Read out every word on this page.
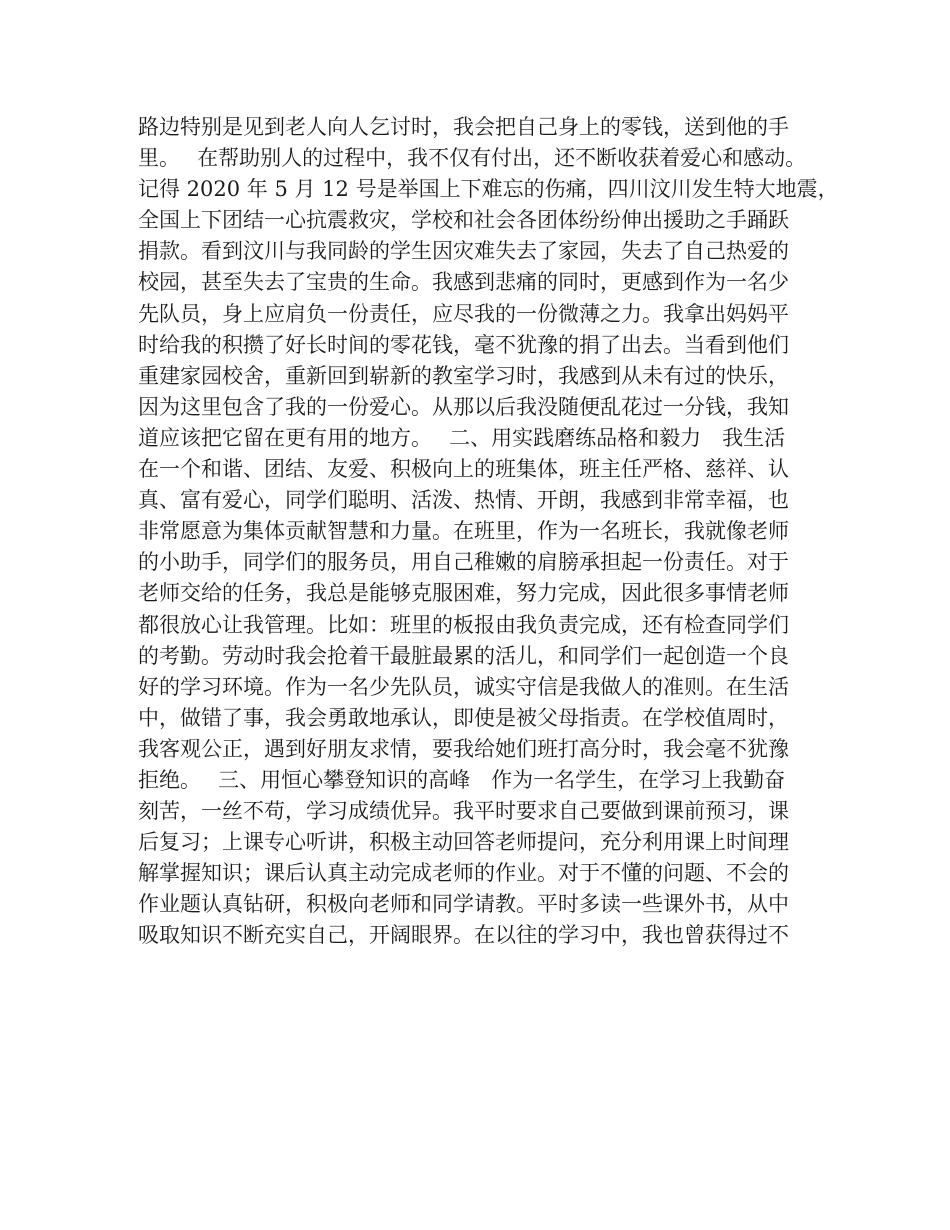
路边特别是见到老人向人乞讨时，我会把自己身上的零钱，送到他的手
里。　 在帮助别人的过程中，我不仅有付出，还不断收获着爱心和感动。
记得 2020 年 5 月 12 号是举国上下难忘的伤痛，四川汶川发生特大地震，
全国上下团结一心抗震救灾，学校和社会各团体纷纷伸出援助之手踊跃
捐款。看到汶川与我同龄的学生因灾难失去了家园，失去了自己热爱的
校园，甚至失去了宝贵的生命。我感到悲痛的同时，更感到作为一名少
先队员，身上应肩负一份责任，应尽我的一份微薄之力。我拿出妈妈平
时给我的积攒了好长时间的零花钱，毫不犹豫的捐了出去。当看到他们
重建家园校舍，重新回到崭新的教室学习时，我感到从未有过的快乐，
因为这里包含了我的一份爱心。从那以后我没随便乱花过一分钱，我知
道应该把它留在更有用的地方。　 二、用实践磨练品格和毅力　我生活
在一个和谐、团结、友爱、积极向上的班集体，班主任严格、慈祥、认
真、富有爱心，同学们聪明、活泼、热情、开朗，我感到非常幸福，也
非常愿意为集体贡献智慧和力量。在班里，作为一名班长，我就像老师
的小助手，同学们的服务员，用自己稚嫩的肩膀承担起一份责任。对于
老师交给的任务，我总是能够克服困难，努力完成，因此很多事情老师
都很放心让我管理。比如：班里的板报由我负责完成，还有检查同学们
的考勤。劳动时我会抢着干最脏最累的活儿，和同学们一起创造一个良
好的学习环境。作为一名少先队员，诚实守信是我做人的准则。在生活
中，做错了事，我会勇敢地承认，即使是被父母指责。在学校值周时，
我客观公正，遇到好朋友求情，要我给她们班打高分时，我会毫不犹豫
拒绝。　 三、用恒心攀登知识的高峰　作为一名学生，在学习上我勤奋
刻苦，一丝不苟，学习成绩优异。我平时要求自己要做到课前预习，课
后复习；上课专心听讲，积极主动回答老师提问，充分利用课上时间理
解掌握知识；课后认真主动完成老师的作业。对于不懂的问题、不会的
作业题认真钻研，积极向老师和同学请教。平时多读一些课外书，从中
吸取知识不断充实自己，开阔眼界。在以往的学习中，我也曾获得过不
